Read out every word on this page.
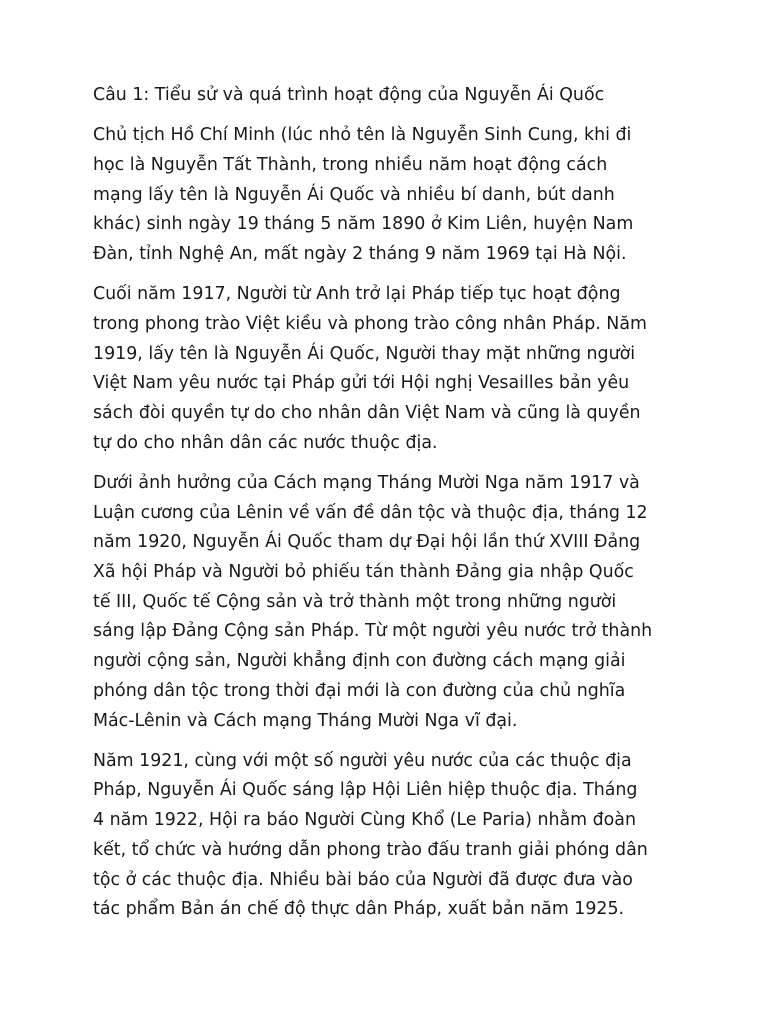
Câu 1: Tiểu sử và quá trình hoạt động của Nguyễn Ái Quốc
Chủ tịch Hồ Chí Minh (lúc nhỏ tên là Nguyễn Sinh Cung, khi đi
học là Nguyễn Tất Thành, trong nhiều năm hoạt động cách
mạng lấy tên là Nguyễn Ái Quốc và nhiều bí danh, bút danh
khác) sinh ngày 19 tháng 5 năm 1890 ở Kim Liên, huyện Nam
Đàn, tỉnh Nghệ An, mất ngày 2 tháng 9 năm 1969 tại Hà Nội.
Cuối năm 1917, Người từ Anh trở lại Pháp tiếp tục hoạt động
trong phong trào Việt kiều và phong trào công nhân Pháp. Năm
1919, lấy tên là Nguyễn Ái Quốc, Người thay mặt những người
Việt Nam yêu nước tại Pháp gửi tới Hội nghị Vesailles bản yêu
sách đòi quyền tự do cho nhân dân Việt Nam và cũng là quyền
tự do cho nhân dân các nước thuộc địa.
Dưới ảnh hưởng của Cách mạng Tháng Mười Nga năm 1917 và
Luận cương của Lênin về vấn đề dân tộc và thuộc địa, tháng 12
năm 1920, Nguyễn Ái Quốc tham dự Đại hội lần thứ XVIII Đảng
Xã hội Pháp và Người bỏ phiếu tán thành Đảng gia nhập Quốc
tế III, Quốc tế Cộng sản và trở thành một trong những người
sáng lập Đảng Cộng sản Pháp. Từ một người yêu nước trở thành
người cộng sản, Người khẳng định con đường cách mạng giải
phóng dân tộc trong thời đại mới là con đường của chủ nghĩa
Mác-Lênin và Cách mạng Tháng Mười Nga vĩ đại.
Năm 1921, cùng với một số người yêu nước của các thuộc địa
Pháp, Nguyễn Ái Quốc sáng lập Hội Liên hiệp thuộc địa. Tháng
4 năm 1922, Hội ra báo Người Cùng Khổ (Le Paria) nhằm đoàn
kết, tổ chức và hướng dẫn phong trào đấu tranh giải phóng dân
tộc ở các thuộc địa. Nhiều bài báo của Người đã được đưa vào
tác phẩm Bản án chế độ thực dân Pháp, xuất bản năm 1925.
